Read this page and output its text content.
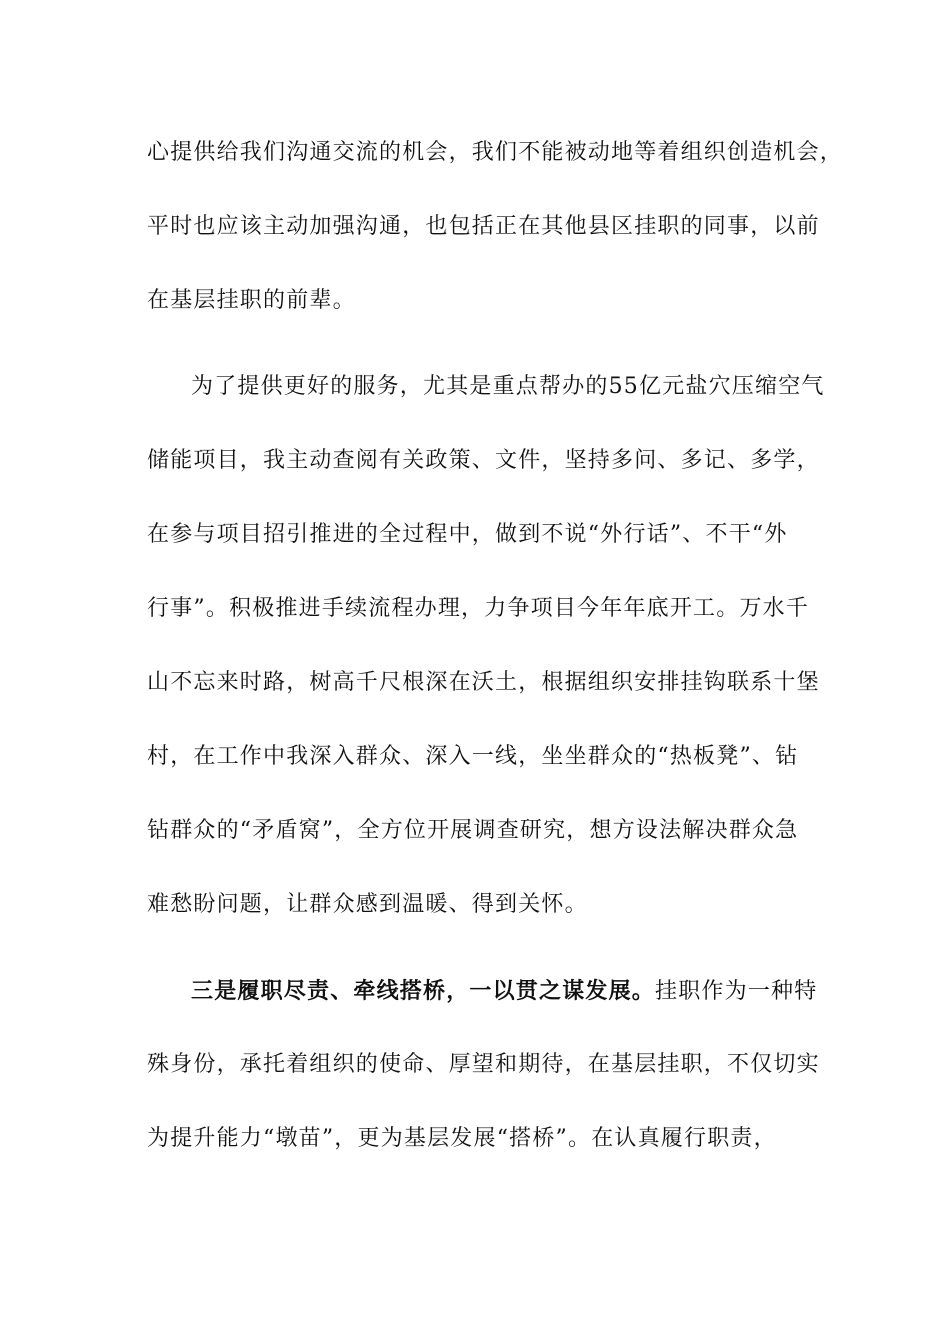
心提供给我们沟通交流的机会，我们不能被动地等着组织创造机会，
平时也应该主动加强沟通，也包括正在其他县区挂职的同事，以前
在基层挂职的前辈。
为了提供更好的服务，尤其是重点帮办的55亿元盐穴压缩空气
储能项目，我主动查阅有关政策、文件，坚持多问、多记、多学，
在参与项目招引推进的全过程中，做到不说“外行话”、不干“外
行事”。积极推进手续流程办理，力争项目今年年底开工。万水千
山不忘来时路，树高千尺根深在沃土，根据组织安排挂钩联系十堡
村，在工作中我深入群众、深入一线，坐坐群众的“热板凳”、钻
钻群众的“矛盾窝”，全方位开展调查研究，想方设法解决群众急
难愁盼问题，让群众感到温暖、得到关怀。
三是履职尽责、牵线搭桥，一以贯之谋发展。挂职作为一种特
殊身份，承托着组织的使命、厚望和期待，在基层挂职，不仅切实
为提升能力“墩苗”，更为基层发展“搭桥”。在认真履行职责，
